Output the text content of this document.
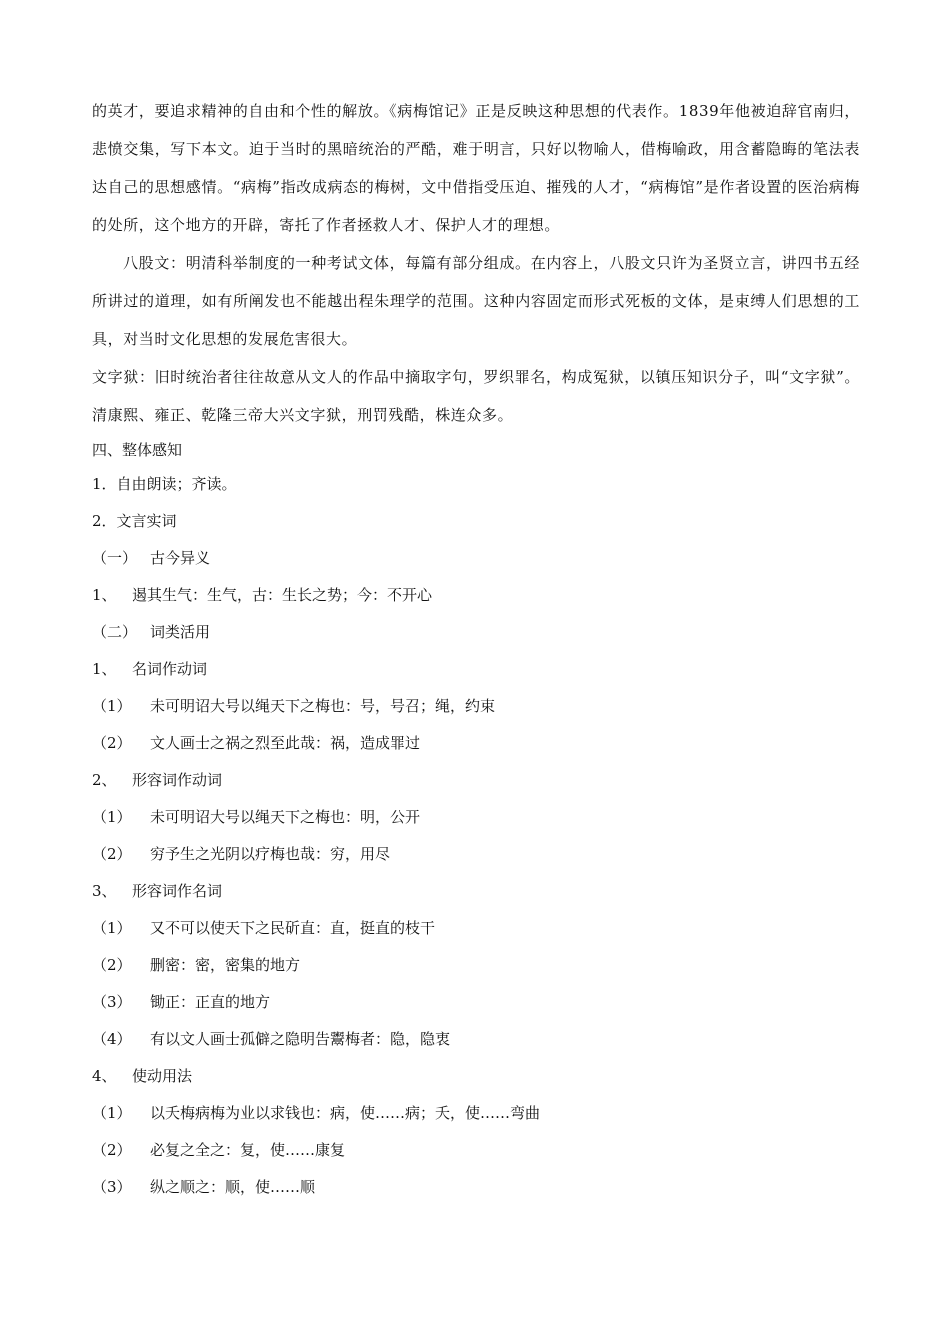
的英才，要追求精神的自由和个性的解放。《病梅馆记》正是反映这种思想的代表作。1839年他被迫辞官南归，悲愤交集，写下本文。迫于当时的黑暗统治的严酷，难于明言，只好以物喻人，借梅喻政，用含蓄隐晦的笔法表达自己的思想感情。“病梅”指改成病态的梅树，文中借指受压迫、摧残的人才，“病梅馆”是作者设置的医治病梅的处所，这个地方的开辟，寄托了作者拯救人才、保护人才的理想。

八股文：明清科举制度的一种考试文体，每篇有部分组成。在内容上，八股文只许为圣贤立言，讲四书五经所讲过的道理，如有所阐发也不能越出程朱理学的范围。这种内容固定而形式死板的文体，是束缚人们思想的工具，对当时文化思想的发展危害很大。

文字狱：旧时统治者往往故意从文人的作品中摘取字句，罗织罪名，构成冤狱，以镇压知识分子，叫“文字狱”。清康熙、雍正、乾隆三帝大兴文字狱，刑罚残酷，株连众多。

四、整体感知

1．自由朗读；齐读。

2．文言实词

（一） 古今异义

1、 遏其生气：生气，古：生长之势；今：不开心

（二） 词类活用

1、 名词作动词

（1） 未可明诏大号以绳天下之梅也：号，号召；绳，约束

（2） 文人画士之祸之烈至此哉：祸，造成罪过

2、 形容词作动词

（1） 未可明诏大号以绳天下之梅也：明，公开

（2） 穷予生之光阴以疗梅也哉：穷，用尽

3、 形容词作名词

（1） 又不可以使天下之民斫直：直，挺直的枝干

（2） 删密：密，密集的地方

（3） 锄正：正直的地方

（4） 有以文人画士孤僻之隐明告鬻梅者：隐，隐衷

4、 使动用法

（1） 以夭梅病梅为业以求钱也：病，使……病；夭，使……弯曲

（2） 必复之全之：复，使……康复

（3） 纵之顺之：顺，使……顺
